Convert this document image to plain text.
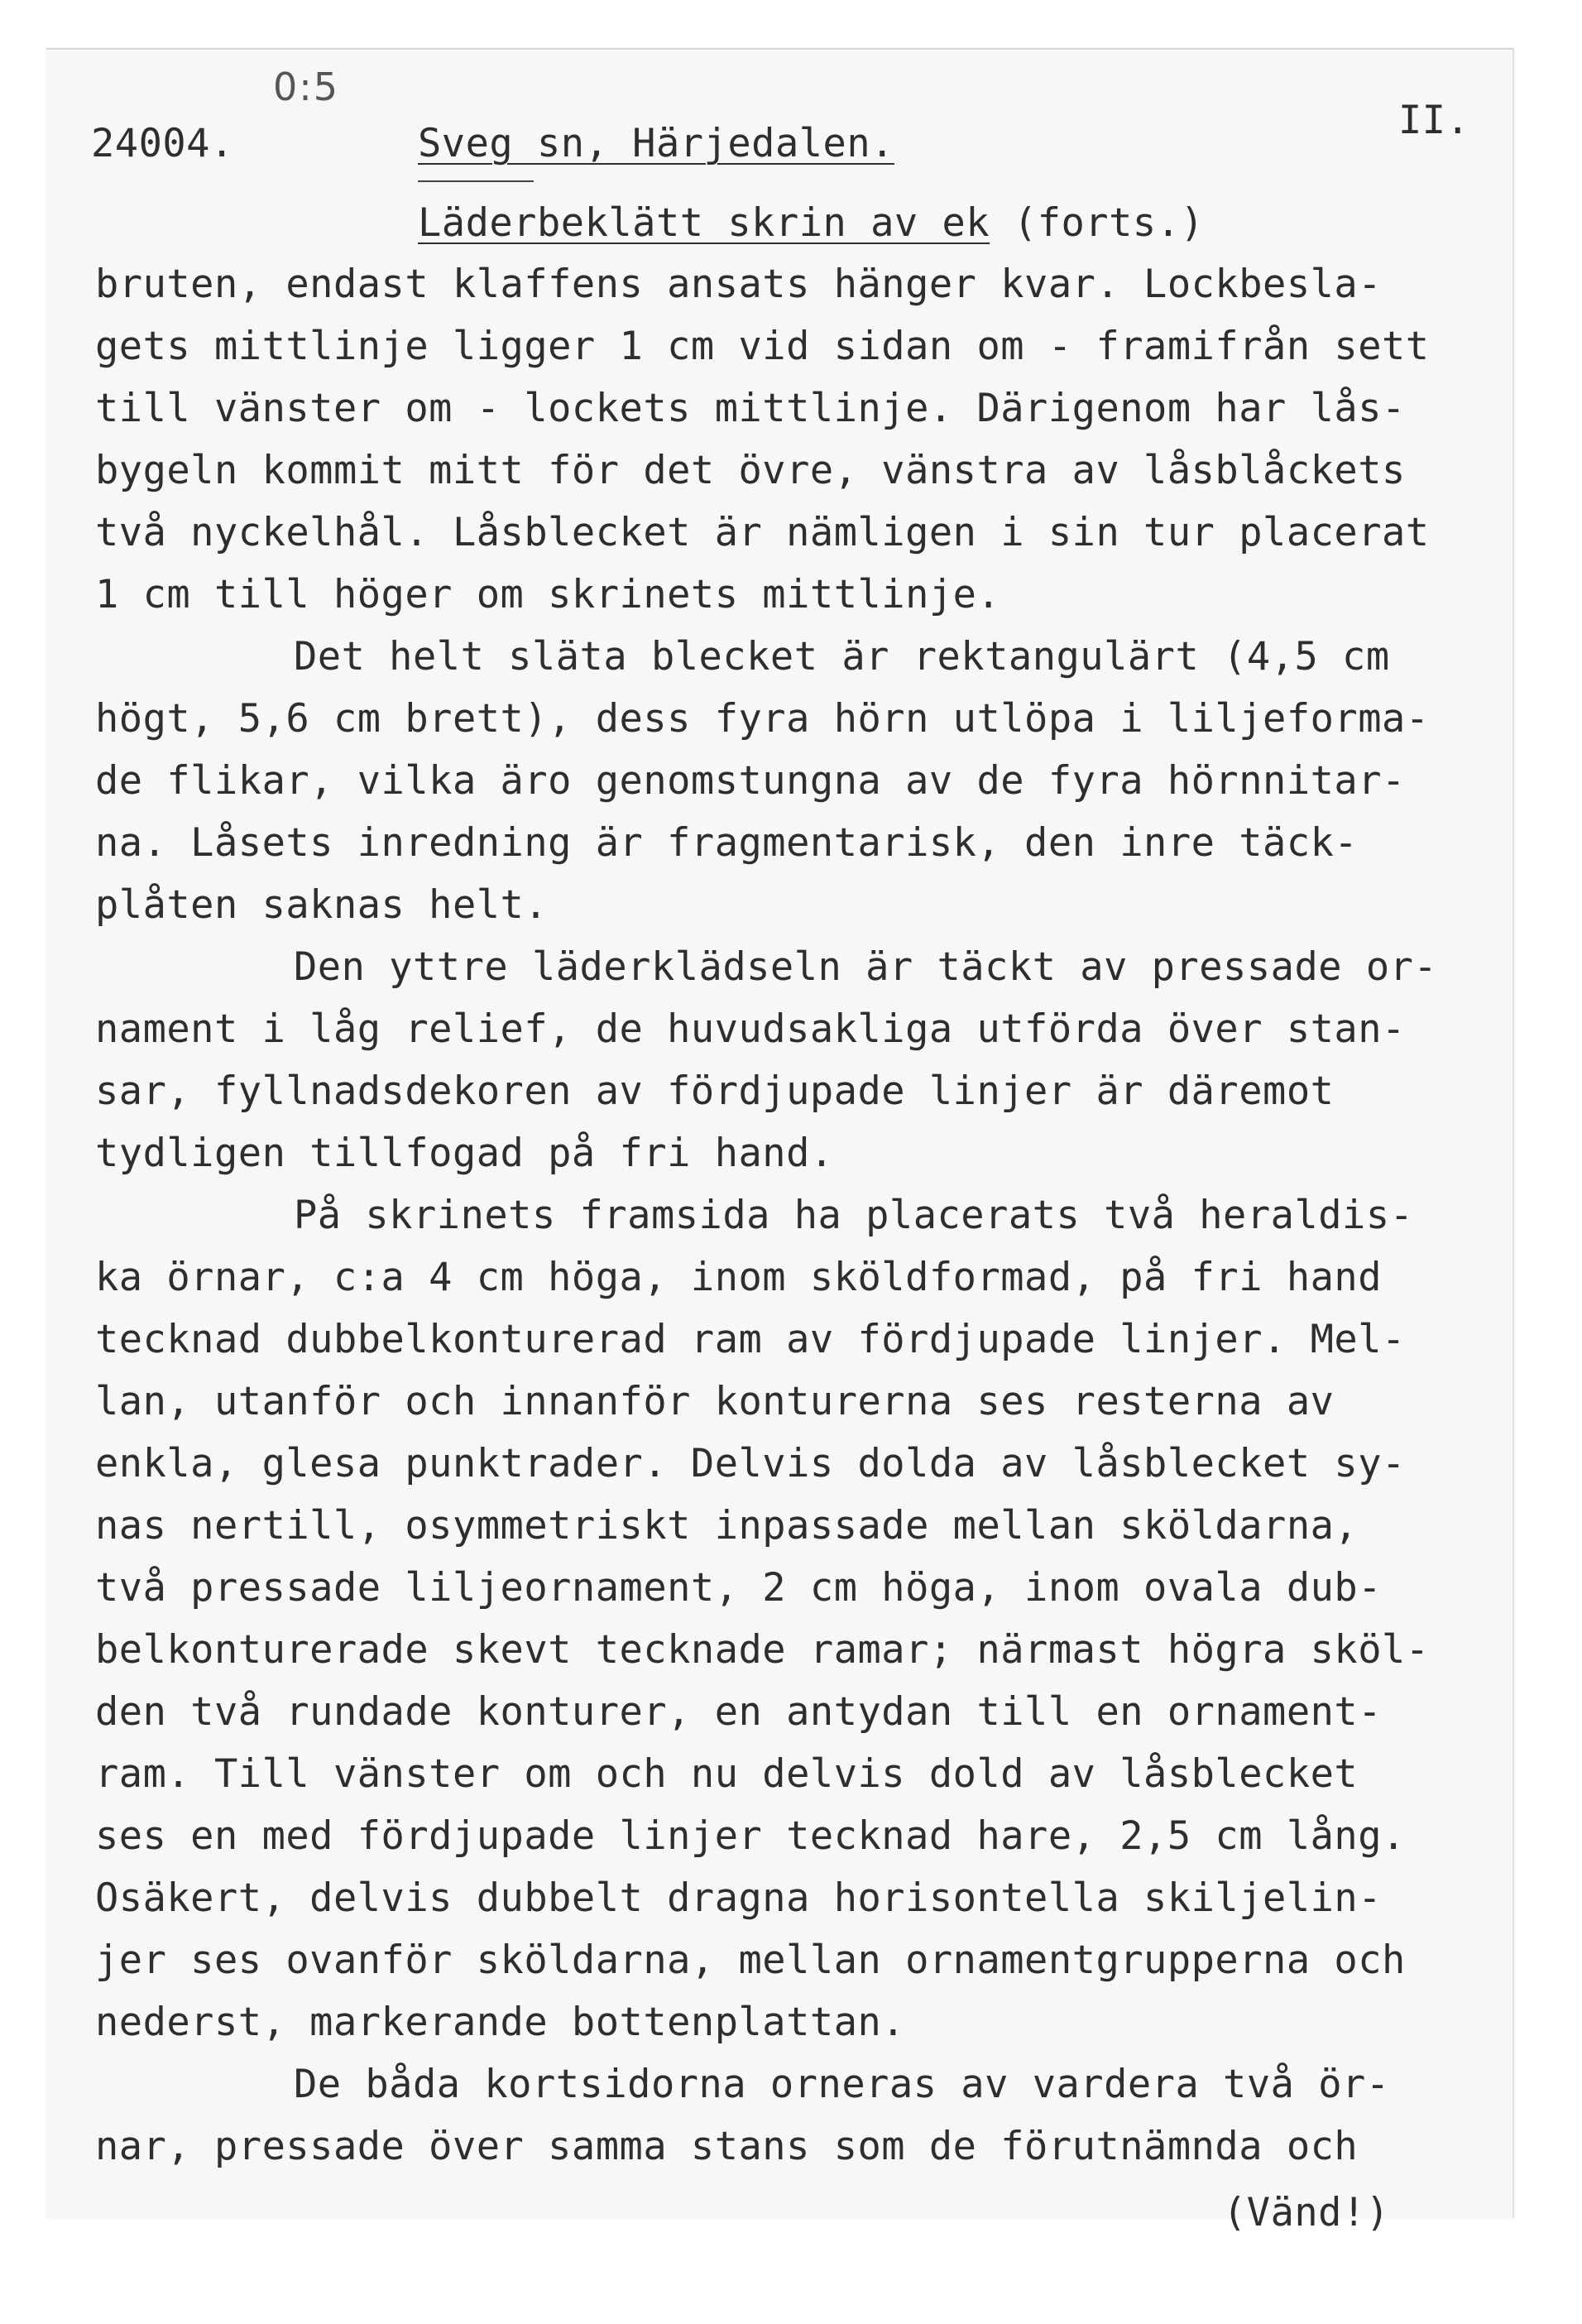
0:5
24004.	Sveg sn, Härjedalen.
II.
Läderbeklätt skrin av ek (forts.)
bruten, endast klaffens ansats hänger kvar. Lockbesla-
gets mittlinje ligger 1 cm vid sidan om - framifrån sett
till vänster om - lockets mittlinje. Därigenom har lås-
bygeln kommit mitt för det övre, vänstra av låsblåckets
två nyckelhål. Låsblecket är nämligen i sin tur placerat
1 cm till höger om skrinets mittlinje.
Det helt släta blecket är rektangulärt (4,5 cm
högt, 5,6 cm brett), dess fyra hörn utlöpa i liljeforma-
de flikar, vilka äro genomstungna av de fyra hörnnitar-
na. Låsets inredning är fragmentarisk, den inre täck-
plåten saknas helt.
Den yttre läderklädseln är täckt av pressade or-
nament i låg relief, de huvudsakliga utförda över stan-
sar, fyllnadsdekoren av fördjupade linjer är däremot
tydligen tillfogad på fri hand.
På skrinets framsida ha placerats två heraldis-
ka örnar, c:a 4 cm höga, inom sköldformad, på fri hand
tecknad dubbelkonturerad ram av fördjupade linjer. Mel-
lan, utanför och innanför konturerna ses resterna av
enkla, glesa punktrader. Delvis dolda av låsblecket sy-
nas nertill, osymmetriskt inpassade mellan sköldarna,
två pressade liljeornament, 2 cm höga, inom ovala dub-
belkonturerade skevt tecknade ramar; närmast högra sköl-
den två rundade konturer, en antydan till en ornament-
ram. Till vänster om och nu delvis dold av låsblecket
ses en med fördjupade linjer tecknad hare, 2,5 cm lång.
Osäkert, delvis dubbelt dragna horisontella skiljelin-
jer ses ovanför sköldarna, mellan ornamentgrupperna och
nederst, markerande bottenplattan.
De båda kortsidorna orneras av vardera två ör-
nar, pressade över samma stans som de förutnämnda och
(Vänd!)
